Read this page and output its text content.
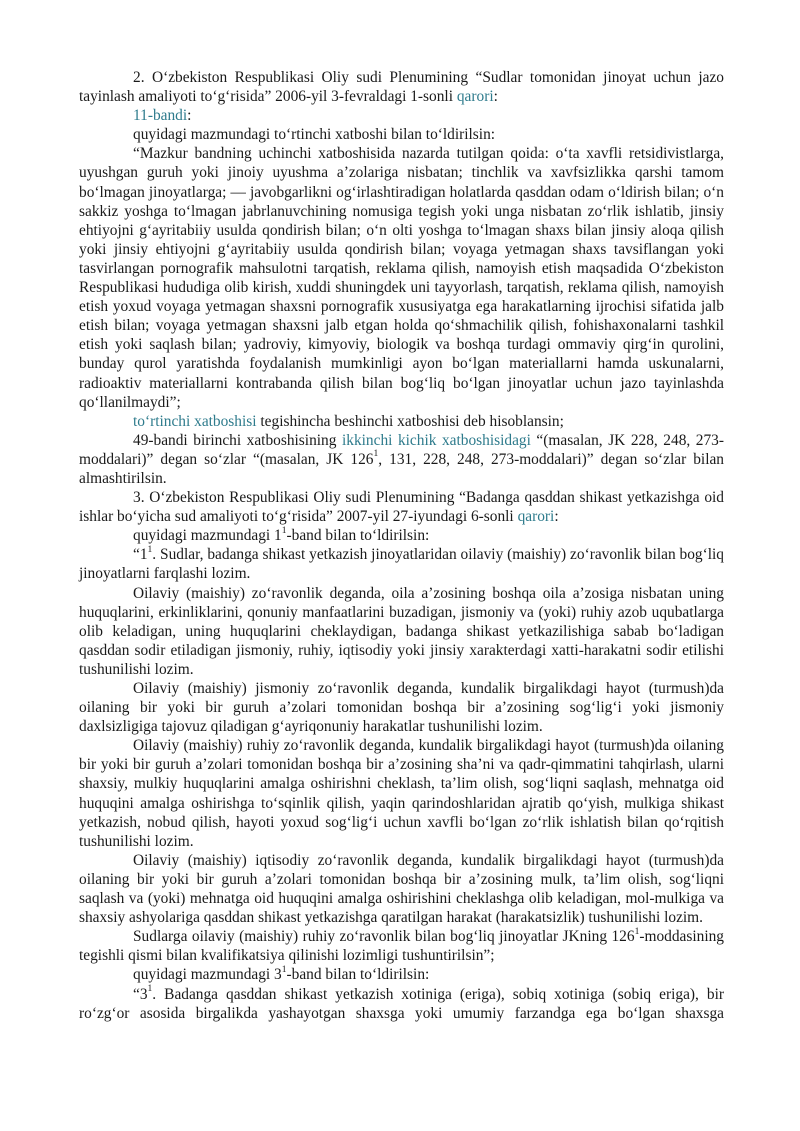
2. O‘zbekiston Respublikasi Oliy sudi Plenumining “Sudlar tomonidan jinoyat uchun jazo tayinlash amaliyoti to‘g‘risida” 2006-yil 3-fevraldagi 1-sonli qarori:

11-bandi:

quyidagi mazmundagi to‘rtinchi xatboshi bilan to‘ldirilsin:

“Mazkur bandning uchinchi xatboshisida nazarda tutilgan qoida: o‘ta xavfli retsidivistlarga, uyushgan guruh yoki jinoiy uyushma a’zolariga nisbatan; tinchlik va xavfsizlikka qarshi tamom bo‘lmagan jinoyatlarga; — javobgarlikni og‘irlashtiradigan holatlarda qasddan odam o‘ldirish bilan; o‘n sakkiz yoshga to‘lmagan jabrlanuvchining nomusiga tegish yoki unga nisbatan zo‘rlik ishlatib, jinsiy ehtiyojni g‘ayritabiiy usulda qondirish bilan; o‘n olti yoshga to‘lmagan shaxs bilan jinsiy aloqa qilish yoki jinsiy ehtiyojni g‘ayritabiiy usulda qondirish bilan; voyaga yetmagan shaxs tavsiflangan yoki tasvirlangan pornografik mahsulotni tarqatish, reklama qilish, namoyish etish maqsadida O‘zbekiston Respublikasi hududiga olib kirish, xuddi shuningdek uni tayyorlash, tarqatish, reklama qilish, namoyish etish yoxud voyaga yetmagan shaxsni pornografik xususiyatga ega harakatlarning ijrochisi sifatida jalb etish bilan; voyaga yetmagan shaxsni jalb etgan holda qo‘shmachilik qilish, fohishaxonalarni tashkil etish yoki saqlash bilan; yadroviy, kimyoviy, biologik va boshqa turdagi ommaviy qirg‘in qurolini, bunday qurol yaratishda foydalanish mumkinligi ayon bo‘lgan materiallarni hamda uskunalarni, radioaktiv materiallarni kontrabanda qilish bilan bog‘liq bo‘lgan jinoyatlar uchun jazo tayinlashda qo‘llanilmaydi”;

to‘rtinchi xatboshisi tegishincha beshinchi xatboshisi deb hisoblansin;

49-bandi birinchi xatboshisining ikkinchi kichik xatboshisidagi “(masalan, JK 228, 248, 273-moddalari)” degan so‘zlar “(masalan, JK $126^1$, 131, 228, 248, 273-moddalari)” degan so‘zlar bilan almashtirilsin.

3. O‘zbekiston Respublikasi Oliy sudi Plenumining “Badanga qasddan shikast yetkazishga oid ishlar bo‘yicha sud amaliyoti to‘g‘risida” 2007-yil 27-iyundagi 6-sonli qarori:

quyidagi mazmundagi $1^1$-band bilan to‘ldirilsin:

“$1^1$. Sudlar, badanga shikast yetkazish jinoyatlaridan oilaviy (maishiy) zo‘ravonlik bilan bog‘liq jinoyatlarni farqlashi lozim.

Oilaviy (maishiy) zo‘ravonlik deganda, oila a’zosining boshqa oila a’zosiga nisbatan uning huquqlarini, erkinliklarini, qonuniy manfaatlarini buzadigan, jismoniy va (yoki) ruhiy azob uqubatlarga olib keladigan, uning huquqlarini cheklaydigan, badanga shikast yetkazilishiga sabab bo‘ladigan qasddan sodir etiladigan jismoniy, ruhiy, iqtisodiy yoki jinsiy xarakterdagi xatti-harakatni sodir etilishi tushunilishi lozim.

Oilaviy (maishiy) jismoniy zo‘ravonlik deganda, kundalik birgalikdagi hayot (turmush)da oilaning bir yoki bir guruh a’zolari tomonidan boshqa bir a’zosining sog‘lig‘i yoki jismoniy daxlsizligiga tajovuz qiladigan g‘ayriqonuniy harakatlar tushunilishi lozim.

Oilaviy (maishiy) ruhiy zo‘ravonlik deganda, kundalik birgalikdagi hayot (turmush)da oilaning bir yoki bir guruh a’zolari tomonidan boshqa bir a’zosining sha’ni va qadr-qimmatini tahqirlash, ularni shaxsiy, mulkiy huquqlarini amalga oshirishni cheklash, ta’lim olish, sog‘liqni saqlash, mehnatga oid huquqini amalga oshirishga to‘sqinlik qilish, yaqin qarindoshlaridan ajratib qo‘yish, mulkiga shikast yetkazish, nobud qilish, hayoti yoxud sog‘lig‘i uchun xavfli bo‘lgan zo‘rlik ishlatish bilan qo‘rqitish tushunilishi lozim.

Oilaviy (maishiy) iqtisodiy zo‘ravonlik deganda, kundalik birgalikdagi hayot (turmush)da oilaning bir yoki bir guruh a’zolari tomonidan boshqa bir a’zosining mulk, ta’lim olish, sog‘liqni saqlash va (yoki) mehnatga oid huquqini amalga oshirishini cheklashga olib keladigan, mol-mulkiga va shaxsiy ashyolariga qasddan shikast yetkazishga qaratilgan harakat (harakatsizlik) tushunilishi lozim.

Sudlarga oilaviy (maishiy) ruhiy zo‘ravonlik bilan bog‘liq jinoyatlar JKning $126^1$-moddasining tegishli qismi bilan kvalifikatsiya qilinishi lozimligi tushuntirilsin”;

quyidagi mazmundagi $3^1$-band bilan to‘ldirilsin:

“$3^1$. Badanga qasddan shikast yetkazish xotiniga (eriga), sobiq xotiniga (sobiq eriga), bir ro‘zg‘or asosida birgalikda yashayotgan shaxsga yoki umumiy farzandga ega bo‘lgan shaxsga
